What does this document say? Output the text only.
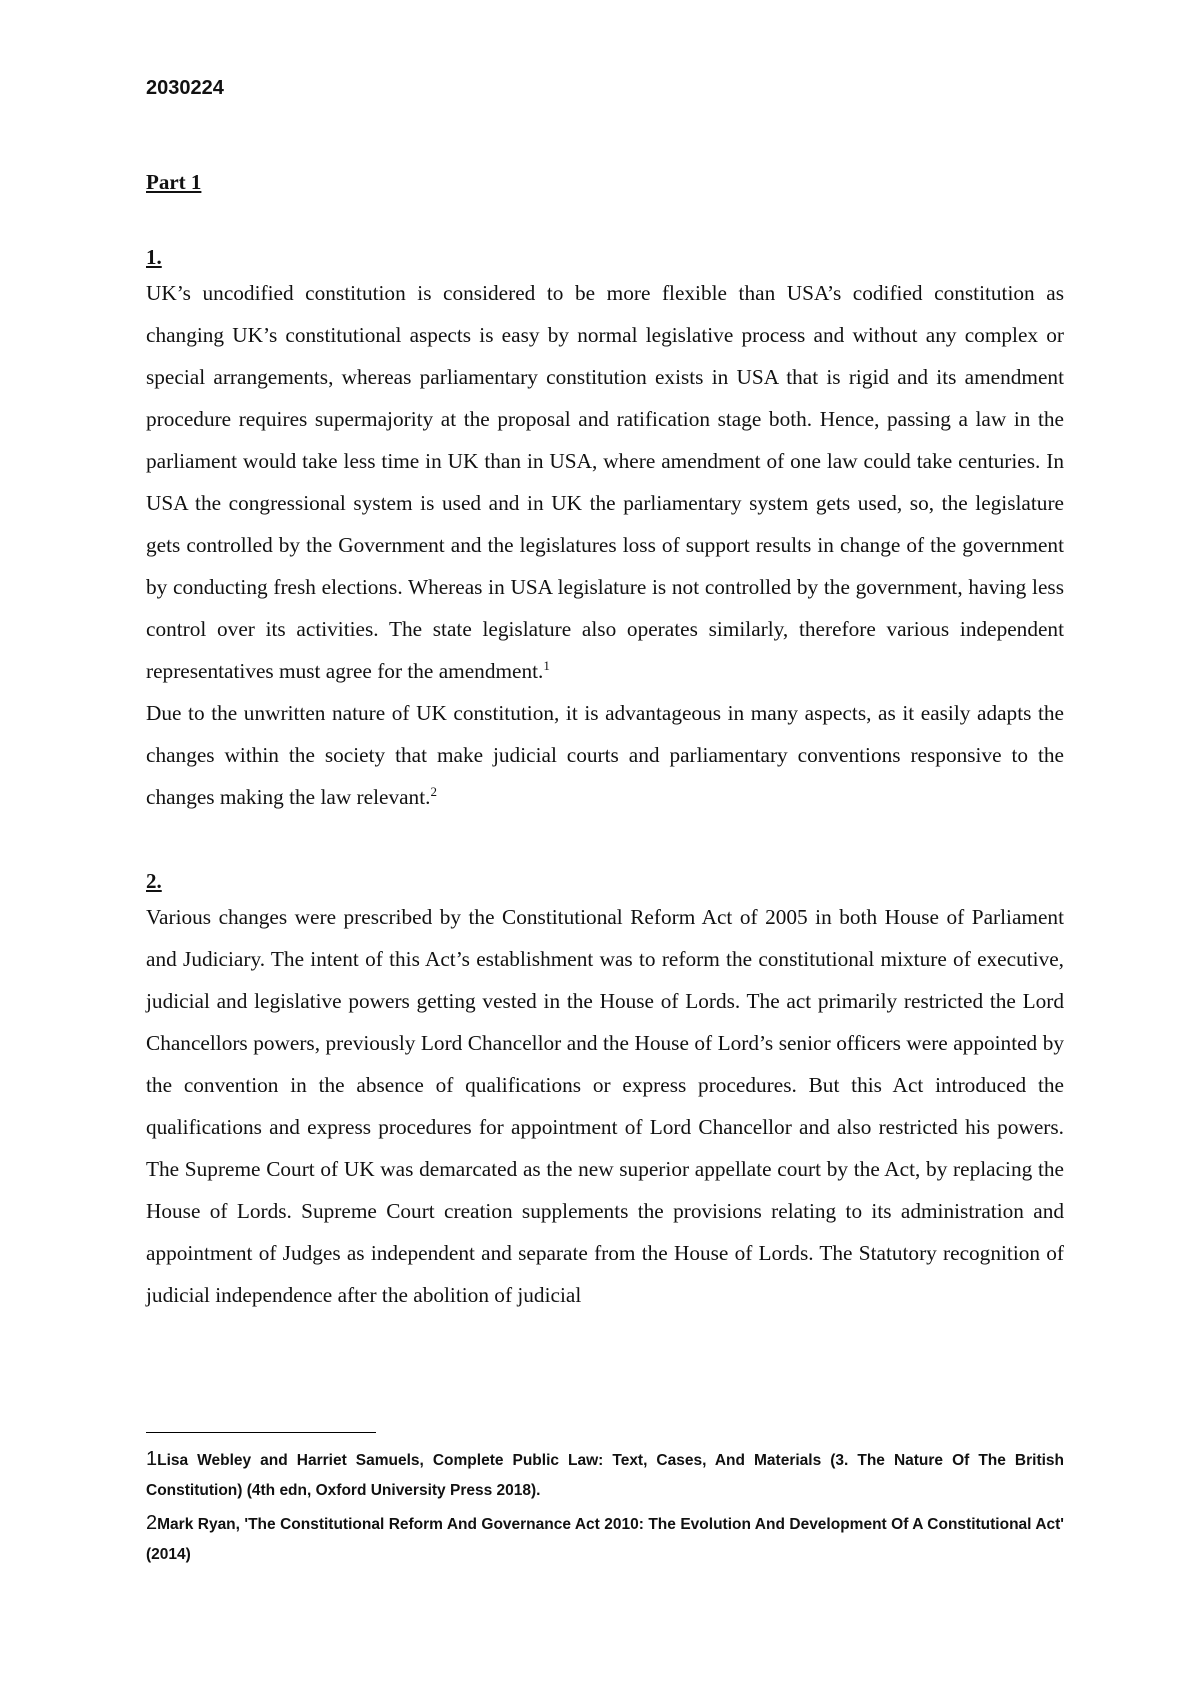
2030224

Part 1

1.

UK’s uncodified constitution is considered to be more flexible than USA’s codified constitution as changing UK’s constitutional aspects is easy by normal legislative process and without any complex or special arrangements, whereas parliamentary constitution exists in USA that is rigid and its amendment procedure requires supermajority at the proposal and ratification stage both. Hence, passing a law in the parliament would take less time in UK than in USA, where amendment of one law could take centuries. In USA the congressional system is used and in UK the parliamentary system gets used, so, the legislature gets controlled by the Government and the legislatures loss of support results in change of the government by conducting fresh elections. Whereas in USA legislature is not controlled by the government, having less control over its activities. The state legislature also operates similarly, therefore various independent representatives must agree for the amendment.$^1$

Due to the unwritten nature of UK constitution, it is advantageous in many aspects, as it easily adapts the changes within the society that make judicial courts and parliamentary conventions responsive to the changes making the law relevant.$^2$

2.

Various changes were prescribed by the Constitutional Reform Act of 2005 in both House of Parliament and Judiciary. The intent of this Act’s establishment was to reform the constitutional mixture of executive, judicial and legislative powers getting vested in the House of Lords. The act primarily restricted the Lord Chancellors powers, previously Lord Chancellor and the House of Lord’s senior officers were appointed by the convention in the absence of qualifications or express procedures. But this Act introduced the qualifications and express procedures for appointment of Lord Chancellor and also restricted his powers. The Supreme Court of UK was demarcated as the new superior appellate court by the Act, by replacing the House of Lords. Supreme Court creation supplements the provisions relating to its administration and appointment of Judges as independent and separate from the House of Lords. The Statutory recognition of judicial independence after the abolition of judicial

1Lisa Webley and Harriet Samuels, Complete Public Law: Text, Cases, And Materials (3. The Nature Of The British Constitution) (4th edn, Oxford University Press 2018).

2Mark Ryan, 'The Constitutional Reform And Governance Act 2010: The Evolution And Development Of A Constitutional Act' (2014)
